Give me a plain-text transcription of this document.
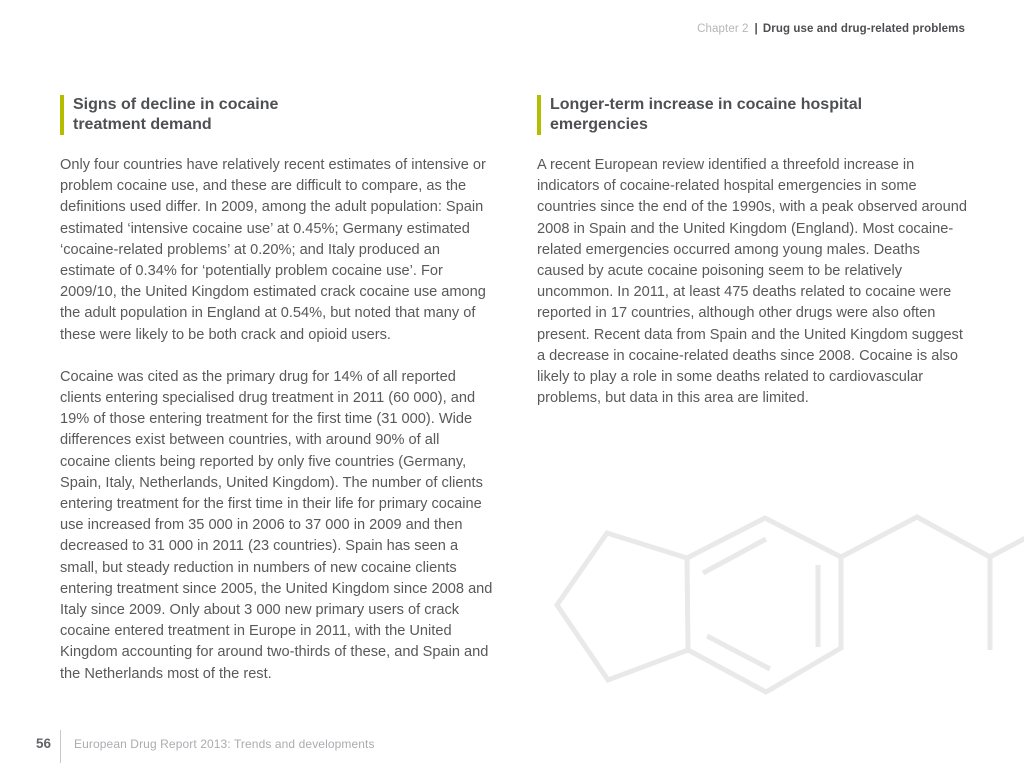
Chapter 2 | Drug use and drug-related problems
Signs of decline in cocaine treatment demand

Only four countries have relatively recent estimates of intensive or problem cocaine use, and these are difficult to compare, as the definitions used differ. In 2009, among the adult population: Spain estimated ‘intensive cocaine use’ at 0.45%; Germany estimated ‘cocaine-related problems’ at 0.20%; and Italy produced an estimate of 0.34% for ‘potentially problem cocaine use’. For 2009/10, the United Kingdom estimated crack cocaine use among the adult population in England at 0.54%, but noted that many of these were likely to be both crack and opioid users.

Cocaine was cited as the primary drug for 14% of all reported clients entering specialised drug treatment in 2011 (60 000), and 19% of those entering treatment for the first time (31 000). Wide differences exist between countries, with around 90% of all cocaine clients being reported by only five countries (Germany, Spain, Italy, Netherlands, United Kingdom). The number of clients entering treatment for the first time in their life for primary cocaine use increased from 35 000 in 2006 to 37 000 in 2009 and then decreased to 31 000 in 2011 (23 countries). Spain has seen a small, but steady reduction in numbers of new cocaine clients entering treatment since 2005, the United Kingdom since 2008 and Italy since 2009. Only about 3 000 new primary users of crack cocaine entered treatment in Europe in 2011, with the United Kingdom accounting for around two-thirds of these, and Spain and the Netherlands most of the rest.

Longer-term increase in cocaine hospital emergencies

A recent European review identified a threefold increase in indicators of cocaine-related hospital emergencies in some countries since the end of the 1990s, with a peak observed around 2008 in Spain and the United Kingdom (England). Most cocaine-related emergencies occurred among young males. Deaths caused by acute cocaine poisoning seem to be relatively uncommon. In 2011, at least 475 deaths related to cocaine were reported in 17 countries, although other drugs were also often present. Recent data from Spain and the United Kingdom suggest a decrease in cocaine-related deaths since 2008. Cocaine is also likely to play a role in some deaths related to cardiovascular problems, but data in this area are limited.

56 European Drug Report 2013: Trends and developments
